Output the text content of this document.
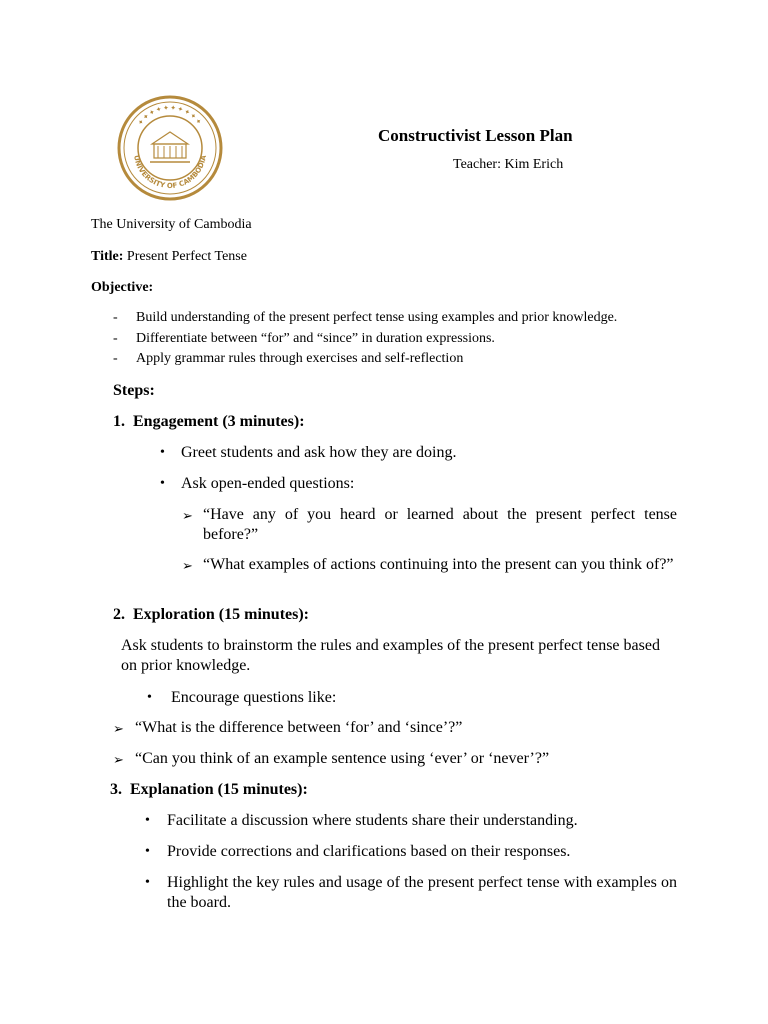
UNIVERSITY OF CAMBODIA
✦✦✦✦✦✦✦✦✦✦
Constructivist Lesson Plan
Teacher: Kim Erich
The University of Cambodia
Title: Present Perfect Tense
Objective:
- Build understanding of the present perfect tense using examples and prior knowledge.
- Differentiate between “for” and “since” in duration expressions.
- Apply grammar rules through exercises and self-reflection
Steps:
1. Engagement (3 minutes):
• Greet students and ask how they are doing.
• Ask open-ended questions:
➢ “Have any of you heard or learned about the present perfect tense before?”
➢ “What examples of actions continuing into the present can you think of?”
2. Exploration (15 minutes):
Ask students to brainstorm the rules and examples of the present perfect tense based on prior knowledge.
• Encourage questions like:
➢ “What is the difference between ‘for’ and ‘since’?”
➢ “Can you think of an example sentence using ‘ever’ or ‘never’?”
3. Explanation (15 minutes):
• Facilitate a discussion where students share their understanding.
• Provide corrections and clarifications based on their responses.
• Highlight the key rules and usage of the present perfect tense with examples on the board.
